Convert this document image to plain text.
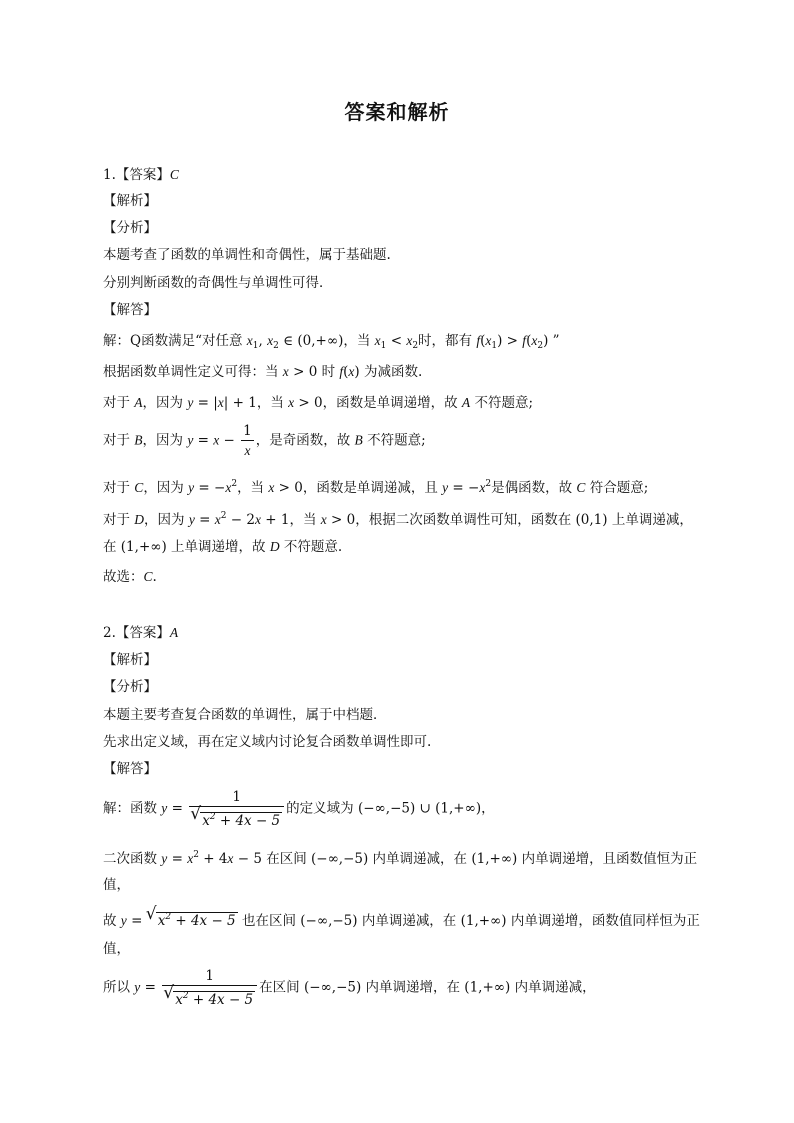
答案和解析
1.【答案】C
【解析】
【分析】
本题考查了函数的单调性和奇偶性，属于基础题.
分别判断函数的奇偶性与单调性可得．
【解答】
解：Q函数满足“对任意 $x_1$, $x_2$ ∈ (0,+∞)，当 $x_1 < x_2$时，都有 $f(x_1) > f(x_2)$ ”
根据函数单调性定义可得：当 x > 0 时 f(x) 为减函数.
对于 A，因为 y = |x| + 1，当 x > 0，函数是单调递增，故 A 不符题意;
对于 B，因为 $y = x - \frac{1}{x}$ ，是奇函数，故 B 不符题意;
对于 C，因为 $y = -x^2$，当 x > 0，函数是单调递减，且 $y = -x^2$是偶函数，故 C 符合题意;
对于 D，因为 $y = x^2 - 2x + 1$，当 x > 0，根据二次函数单调性可知，函数在 (0,1) 上单调递减，
在 (1,+∞) 上单调递增，故 D 不符题意.
故选：C.
2.【答案】A
【解析】
【分析】
本题主要考查复合函数的单调性，属于中档题．
先求出定义域，再在定义域内讨论复合函数单调性即可.
【解答】
解：函数 y = 1
√ $x^2 + 4x - 5$ 的定义域为 (−∞,−5) ∪ (1,+∞)，
二次函数 $y = x^2 + 4x - 5$ 在区间 (−∞,−5) 内单调递减，在 (1,+∞) 内单调递增，且函数值恒为正
值，
故 y = √ $x^2 + 4x - 5$ 也在区间 (−∞,−5) 内单调递减，在 (1,+∞) 内单调递增，函数值同样恒为正
值，
所以 y = 1
√ $x^2 + 4x - 5$ 在区间 (−∞,−5) 内单调递增，在 (1,+∞) 内单调递减，
